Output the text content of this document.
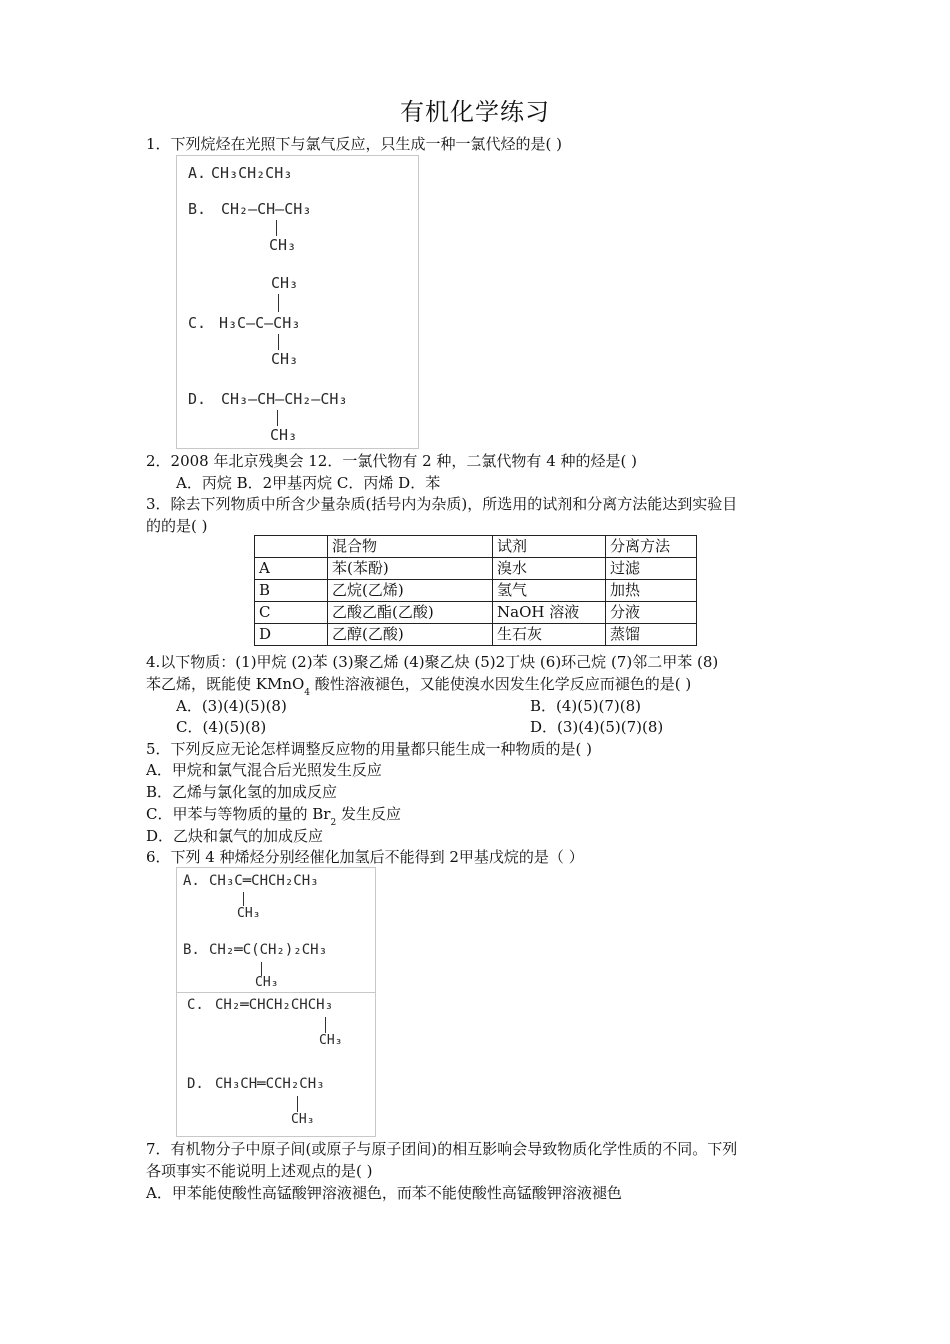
有机化学练习
1．下列烷烃在光照下与氯气反应，只生成一种一氯代烃的是( )
A. CH₃CH₂CH₃
B. CH₂—CH—CH₃
CH₃
CH₃
C. H₃C—C—CH₃
CH₃
D. CH₃—CH—CH₂—CH₃
CH₃
2．2008 年北京残奥会 12．一氯代物有 2 种，二氯代物有 4 种的烃是( )
A．丙烷 B．2甲基丙烷 C．丙烯 D．苯
3．除去下列物质中所含少量杂质(括号内为杂质)，所选用的试剂和分离方法能达到实验目
的的是( )
	混合物	试剂	分离方法
A	苯(苯酚)	溴水	过滤
B	乙烷(乙烯)	氢气	加热
C	乙酸乙酯(乙酸)	NaOH 溶液	分液
D	乙醇(乙酸)	生石灰	蒸馏
4.以下物质：(1)甲烷 (2)苯 (3)聚乙烯 (4)聚乙炔 (5)2丁炔 (6)环己烷 (7)邻二甲苯 (8)
苯乙烯，既能使 KMnO$_4$ 酸性溶液褪色，又能使溴水因发生化学反应而褪色的是( )
A．(3)(4)(5)(8)	B．(4)(5)(7)(8)
C．(4)(5)(8)	D．(3)(4)(5)(7)(8)
5．下列反应无论怎样调整反应物的用量都只能生成一种物质的是( )
A．甲烷和氯气混合后光照发生反应
B．乙烯与氯化氢的加成反应
C．甲苯与等物质的量的 $Br_2$ 发生反应
D．乙炔和氯气的加成反应
6．下列 4 种烯烃分别经催化加氢后不能得到 2甲基戊烷的是（ ）
A. CH₃C═CHCH₂CH₃
CH₃
B. CH₂═C(CH₂)₂CH₃
CH₃
C. CH₂═CHCH₂CHCH₃
CH₃
D. CH₃CH═CCH₂CH₃
CH₃
7．有机物分子中原子间(或原子与原子团间)的相互影响会导致物质化学性质的不同。下列
各项事实不能说明上述观点的是( )
A．甲苯能使酸性高锰酸钾溶液褪色，而苯不能使酸性高锰酸钾溶液褪色
